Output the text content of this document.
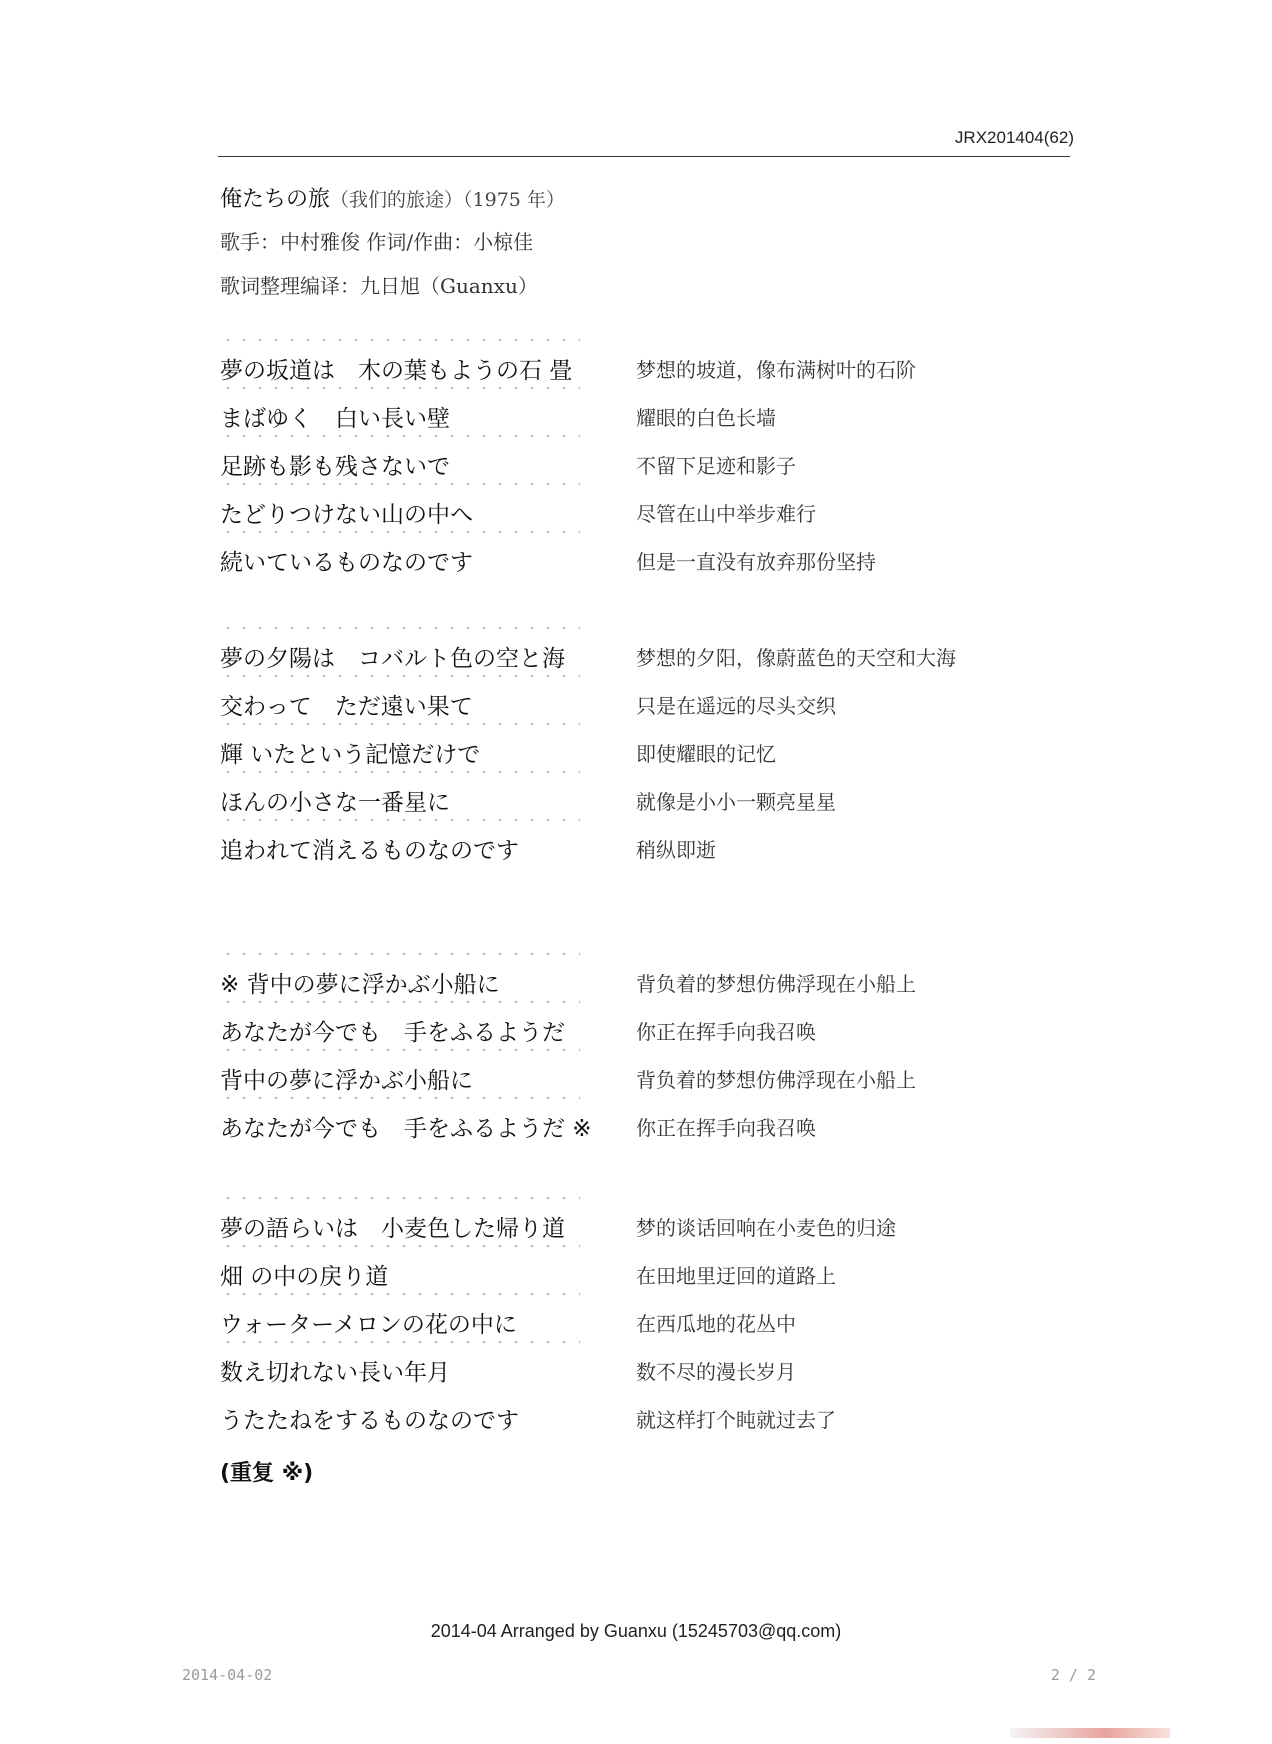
JRX201404(62)
俺たちの旅（我们的旅途）（1975 年）
歌手：中村雅俊 作词/作曲：小椋佳
歌词整理编译：九日旭（Guanxu）
夢の坂道は　木の葉もようの石 畳	梦想的坡道，像布满树叶的石阶
まばゆく　白い長い壁	耀眼的白色长墙
足跡も影も残さないで	不留下足迹和影子
たどりつけない山の中へ	尽管在山中举步难行
続いているものなのです	但是一直没有放弃那份坚持
夢の夕陽は　コバルト色の空と海	梦想的夕阳，像蔚蓝色的天空和大海
交わって　ただ遠い果て	只是在遥远的尽头交织
輝 いたという記憶だけで	即使耀眼的记忆
ほんの小さな一番星に	就像是小小一颗亮星星
追われて消えるものなのです	稍纵即逝
※ 背中の夢に浮かぶ小船に	背负着的梦想仿佛浮现在小船上
あなたが今でも　手をふるようだ	你正在挥手向我召唤
背中の夢に浮かぶ小船に	背负着的梦想仿佛浮现在小船上
あなたが今でも　手をふるようだ ※ 你正在挥手向我召唤
夢の語らいは　小麦色した帰り道	梦的谈话回响在小麦色的归途
畑 の中の戻り道	在田地里迂回的道路上
ウォーターメロンの花の中に	在西瓜地的花丛中
数え切れない長い年月	数不尽的漫长岁月
うたたねをするものなのです	就这样打个盹就过去了
(重复 ※)
2014-04 Arranged by Guanxu (15245703@qq.com)
2014-04-02	2 / 2
